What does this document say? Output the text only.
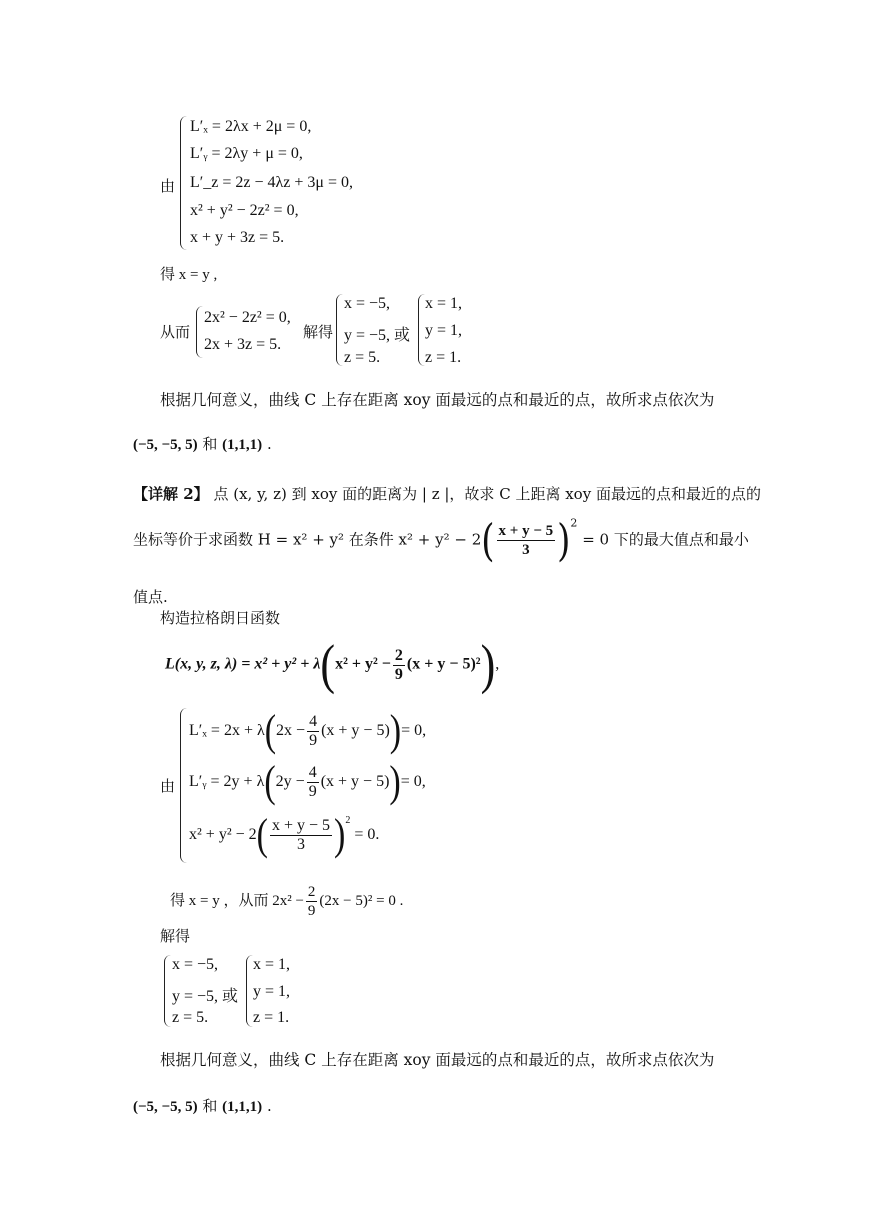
由
L′ₓ = 2λx + 2μ = 0,
L′ᵧ = 2λy + μ = 0,
L′_z = 2z − 4λz + 3μ = 0,
x² + y² − 2z² = 0,
x + y + 3z = 5.
得 x = y ,
从而
2x² − 2z² = 0,
2x + 3z = 5.
解得
x = −5,
y = −5, 或
z = 5.
x = 1,
y = 1,
z = 1.
根据几何意义，曲线 C 上存在距离 xoy 面最远的点和最近的点，故所求点依次为
(−5, −5, 5) 和 (1,1,1) .
【详解 2】 点 (x, y, z) 到 xoy 面的距离为 | z |，故求 C 上距离 xoy 面最远的点和最近的点的
坐标等价于求函数 H = x² + y² 在条件 $x^2 + y^2 - 2( \frac{x + y - 5}{3} )^2 = 0$ 下的最大值点和最小
值点.
构造拉格朗日函数
L(x, y, z, $\lambda) = x^2 + y^2 + \lambda(x^2 + y^2 - \frac{2}{9} (x + y - 5)^2)$,
由
$L'_x = 2x + \lambda(2x - \frac{4}{9} (x + y - 5))= 0$,
L′ᵧ = $2y + \lambda(2y - \frac{4}{9} (x + y - 5))= 0$,
$x^2 + y^2 - 2( \frac{x + y - 5}{3} )^2 = 0$.
得 x = y ，从而 $2x^2 - \frac{2}{9} (2x - 5)^2 = 0$ .
解得
x = −5,
y = −5, 或
z = 5.
x = 1,
y = 1,
z = 1.
根据几何意义，曲线 C 上存在距离 xoy 面最远的点和最近的点，故所求点依次为
(−5, −5, 5) 和 (1,1,1) .
